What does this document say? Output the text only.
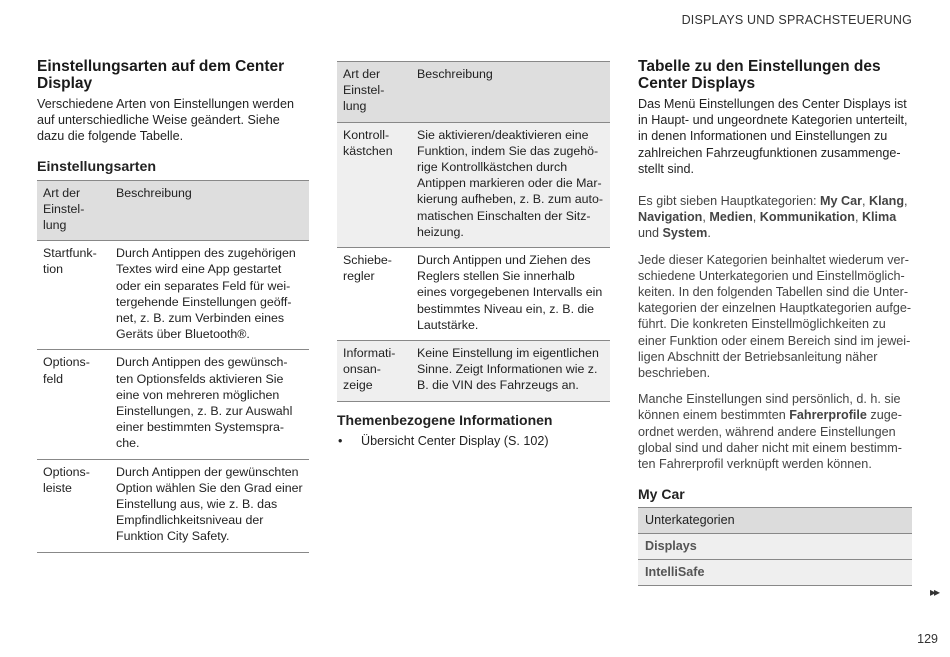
DISPLAYS UND SPRACHSTEUERUNG
Einstellungsarten auf dem Center Display

Verschiedene Arten von Einstellungen werden auf unterschiedliche Weise geändert. Siehe dazu die folgende Tabelle.

Einstellungsarten
Art der Einstel-lung	Beschreibung
Startfunk-tion	Durch Antippen des zugehörigen Textes wird eine App gestartet oder ein separates Feld für wei-tergehende Einstellungen geöff-net, z. B. zum Verbinden eines Geräts über Bluetooth®.
Options-feld	Durch Antippen des gewünsch-ten Optionsfelds aktivieren Sie eine von mehreren möglichen Einstellungen, z. B. zur Auswahl einer bestimmten Systemspra-che.
Options-leiste	Durch Antippen der gewünschten Option wählen Sie den Grad einer Einstellung aus, wie z. B. das Empfindlichkeitsniveau der Funktion City Safety.
Art der Einstel-lung	Beschreibung
Kontroll-kästchen	Sie aktivieren/deaktivieren eine Funktion, indem Sie das zugehö-rige Kontrollkästchen durch Antippen markieren oder die Mar-kierung aufheben, z. B. zum auto-matischen Einschalten der Sitz-heizung.
Schiebe-regler	Durch Antippen und Ziehen des Reglers stellen Sie innerhalb eines vorgegebenen Intervalls ein bestimmtes Niveau ein, z. B. die Lautstärke.
Informati-onsan-zeige	Keine Einstellung im eigentlichen Sinne. Zeigt Informationen wie z. B. die VIN des Fahrzeugs an.
Themenbezogene Informationen
• Übersicht Center Display (S. 102)
Tabelle zu den Einstellungen des Center Displays

Das Menü Einstellungen des Center Displays ist in Haupt- und ungeordnete Kategorien unterteilt, in denen Informationen und Einstellungen zu zahlreichen Fahrzeugfunktionen zusammenge-stellt sind.

Es gibt sieben Hauptkategorien: My Car, Klang, Navigation, Medien, Kommunikation, Klima und System.

Jede dieser Kategorien beinhaltet wiederum ver-schiedene Unterkategorien und Einstellmöglich-keiten. In den folgenden Tabellen sind die Unter-kategorien der einzelnen Hauptkategorien aufge-führt. Die konkreten Einstellmöglichkeiten zu einer Funktion oder einem Bereich sind im jewei-ligen Abschnitt der Betriebsanleitung näher beschrieben.

Manche Einstellungen sind persönlich, d. h. sie können einem bestimmten Fahrerprofile zuge-ordnet werden, während andere Einstellungen global sind und daher nicht mit einem bestimm-ten Fahrerprofil verknüpft werden können.

My Car
Unterkategorien
Displays
IntelliSafe
▸▸
129
